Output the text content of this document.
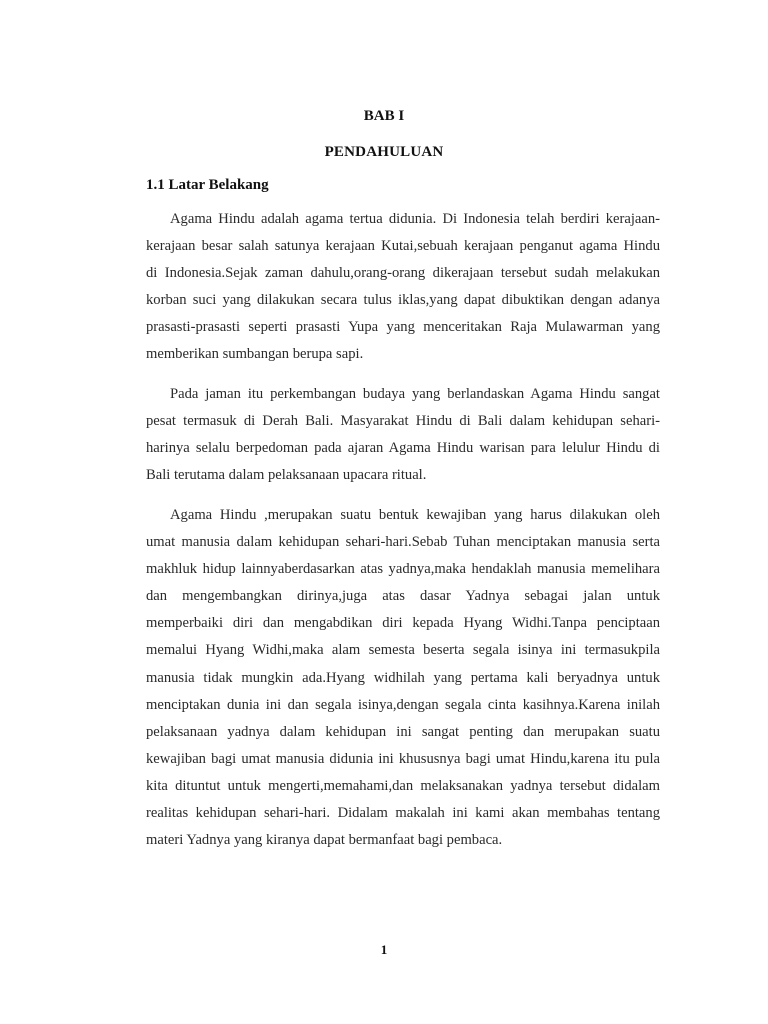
BAB I
PENDAHULUAN
1.1 Latar Belakang

Agama Hindu adalah agama tertua didunia. Di Indonesia telah berdiri kerajaan-
kerajaan besar salah satunya kerajaan Kutai,sebuah kerajaan penganut agama Hindu
di Indonesia.Sejak zaman dahulu,orang-orang dikerajaan tersebut sudah melakukan
korban suci yang dilakukan secara tulus iklas,yang dapat dibuktikan dengan adanya
prasasti-prasasti seperti prasasti Yupa yang menceritakan Raja Mulawarman yang
memberikan sumbangan berupa sapi.

Pada jaman itu perkembangan budaya yang berlandaskan Agama Hindu sangat
pesat termasuk di Derah Bali. Masyarakat Hindu di Bali dalam kehidupan sehari-
harinya selalu berpedoman pada ajaran Agama Hindu warisan para lelulur Hindu di
Bali terutama dalam pelaksanaan upacara ritual.

Agama Hindu ,merupakan suatu bentuk kewajiban yang harus dilakukan oleh
umat manusia dalam kehidupan sehari-hari.Sebab Tuhan menciptakan manusia serta
makhluk hidup lainnyaberdasarkan atas yadnya,maka hendaklah manusia memelihara
dan mengembangkan dirinya,juga atas dasar Yadnya sebagai jalan untuk
memperbaiki diri dan mengabdikan diri kepada Hyang Widhi.Tanpa penciptaan
memalui Hyang Widhi,maka alam semesta beserta segala isinya ini termasukpila
manusia tidak mungkin ada.Hyang widhilah yang pertama kali beryadnya untuk
menciptakan dunia ini dan segala isinya,dengan segala cinta kasihnya.Karena inilah
pelaksanaan yadnya dalam kehidupan ini sangat penting dan merupakan suatu
kewajiban bagi umat manusia didunia ini khususnya bagi umat Hindu,karena itu pula
kita dituntut untuk mengerti,memahami,dan melaksanakan yadnya tersebut didalam
realitas kehidupan sehari-hari. Didalam makalah ini kami akan membahas tentang
materi Yadnya yang kiranya dapat bermanfaat bagi pembaca.

1
